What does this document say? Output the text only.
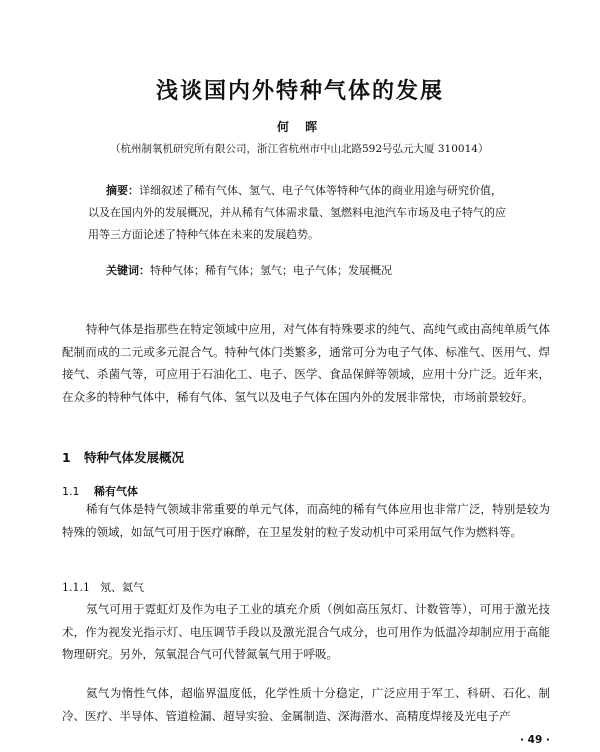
浅谈国内外特种气体的发展
何 晖
（杭州制氧机研究所有限公司，浙江省杭州市中山北路592号弘元大厦 310014）

摘要：详细叙述了稀有气体、氢气、电子气体等特种气体的商业用途与研究价值，以及在国内外的发展概况，并从稀有气体需求量、氢燃料电池汽车市场及电子特气的应用等三方面论述了特种气体在未来的发展趋势。

关键词：特种气体；稀有气体；氢气；电子气体；发展概况

特种气体是指那些在特定领域中应用，对气体有特殊要求的纯气、高纯气或由高纯单质气体配制而成的二元或多元混合气。特种气体门类繁多，通常可分为电子气体、标准气、医用气、焊接气、杀菌气等，可应用于石油化工、电子、医学、食品保鲜等领域，应用十分广泛。近年来，在众多的特种气体中，稀有气体、氢气以及电子气体在国内外的发展非常快，市场前景较好。

1 特种气体发展概况
1.1 稀有气体

稀有气体是特气领域非常重要的单元气体，而高纯的稀有气体应用也非常广泛，特别是较为特殊的领域，如氙气可用于医疗麻醉，在卫星发射的粒子发动机中可采用氙气作为燃料等。

1.1.1 氖、氦气

氖气可用于霓虹灯及作为电子工业的填充介质（例如高压氖灯、计数管等），可用于激光技术，作为视发光指示灯、电压调节手段以及激光混合气成分，也可用作为低温冷却制应用于高能物理研究。另外，氖氧混合气可代替氮氧气用于呼吸。

氦气为惰性气体，超临界温度低，化学性质十分稳定，广泛应用于军工、科研、石化、制冷、医疗、半导体、管道检漏、超导实验、金属制造、深海潜水、高精度焊接及光电子产

· 49 ·
